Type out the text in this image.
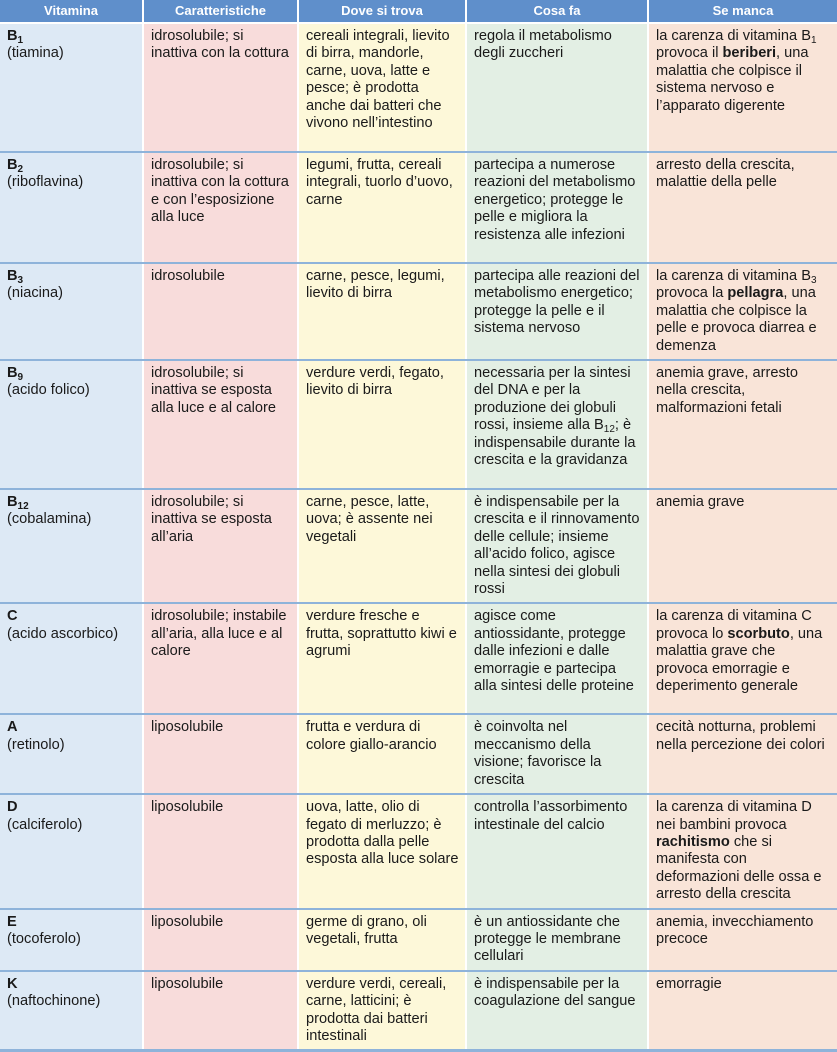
Vitamina	Caratteristiche	Dove si trova	Cosa fa	Se manca

$B_1$
(tiamina)	idrosolubile; si inattiva con la cottura	cereali integrali, lievito di birra, mandorle, carne, uova, latte e pesce; è prodotta anche dai batteri che vivono nell’intestino	regola il metabolismo degli zuccheri	la carenza di vitamina $B_1$ provoca il beriberi, una malattia che colpisce il sistema nervoso e l’apparato digerente

$B_2$
(riboflavina)	idrosolubile; si inattiva con la cottura e con l’esposizione alla luce	legumi, frutta, cereali integrali, tuorlo d’uovo, carne	partecipa a numerose reazioni del metabolismo energetico; protegge le pelle e migliora la resistenza alle infezioni	arresto della crescita, malattie della pelle

$B_3$
(niacina)	idrosolubile	carne, pesce, legumi, lievito di birra	partecipa alle reazioni del metabolismo energetico; protegge la pelle e il sistema nervoso	la carenza di vitamina $B_3$ provoca la pellagra, una malattia che colpisce la pelle e provoca diarrea e demenza

$B_9$
(acido folico)	idrosolubile; si inattiva se esposta alla luce e al calore	verdure verdi, fegato, lievito di birra	necessaria per la sintesi del DNA e per la produzione dei globuli rossi, insieme alla $B_{12}$; è indispensabile durante la crescita e la gravidanza	anemia grave, arresto nella crescita, malformazioni fetali

$B_{12}$
(cobalamina)	idrosolubile; si inattiva se esposta all’aria	carne, pesce, latte, uova; è assente nei vegetali	è indispensabile per la crescita e il rinnovamento delle cellule; insieme all’acido folico, agisce nella sintesi dei globuli rossi	anemia grave

C
(acido ascorbico)	idrosolubile; instabile all’aria, alla luce e al calore	verdure fresche e frutta, soprattutto kiwi e agrumi	agisce come antiossidante, protegge dalle infezioni e dalle emorragie e partecipa alla sintesi delle proteine	la carenza di vitamina C provoca lo scorbuto, una malattia grave che provoca emorragie e deperimento generale

A
(retinolo)	liposolubile	frutta e verdura di colore giallo-arancio	è coinvolta nel meccanismo della visione; favorisce la crescita	cecità notturna, problemi nella percezione dei colori

D
(calciferolo)	liposolubile	uova, latte, olio di fegato di merluzzo; è prodotta dalla pelle esposta alla luce solare	controlla l’assorbimento intestinale del calcio	la carenza di vitamina D nei bambini provoca rachitismo che si manifesta con deformazioni delle ossa e arresto della crescita

E
(tocoferolo)	liposolubile	germe di grano, oli vegetali, frutta	è un antiossidante che protegge le membrane cellulari	anemia, invecchiamento precoce

K
(naftochinone)	liposolubile	verdure verdi, cereali, carne, latticini; è prodotta dai batteri intestinali	è indispensabile per la coagulazione del sangue	emorragie
